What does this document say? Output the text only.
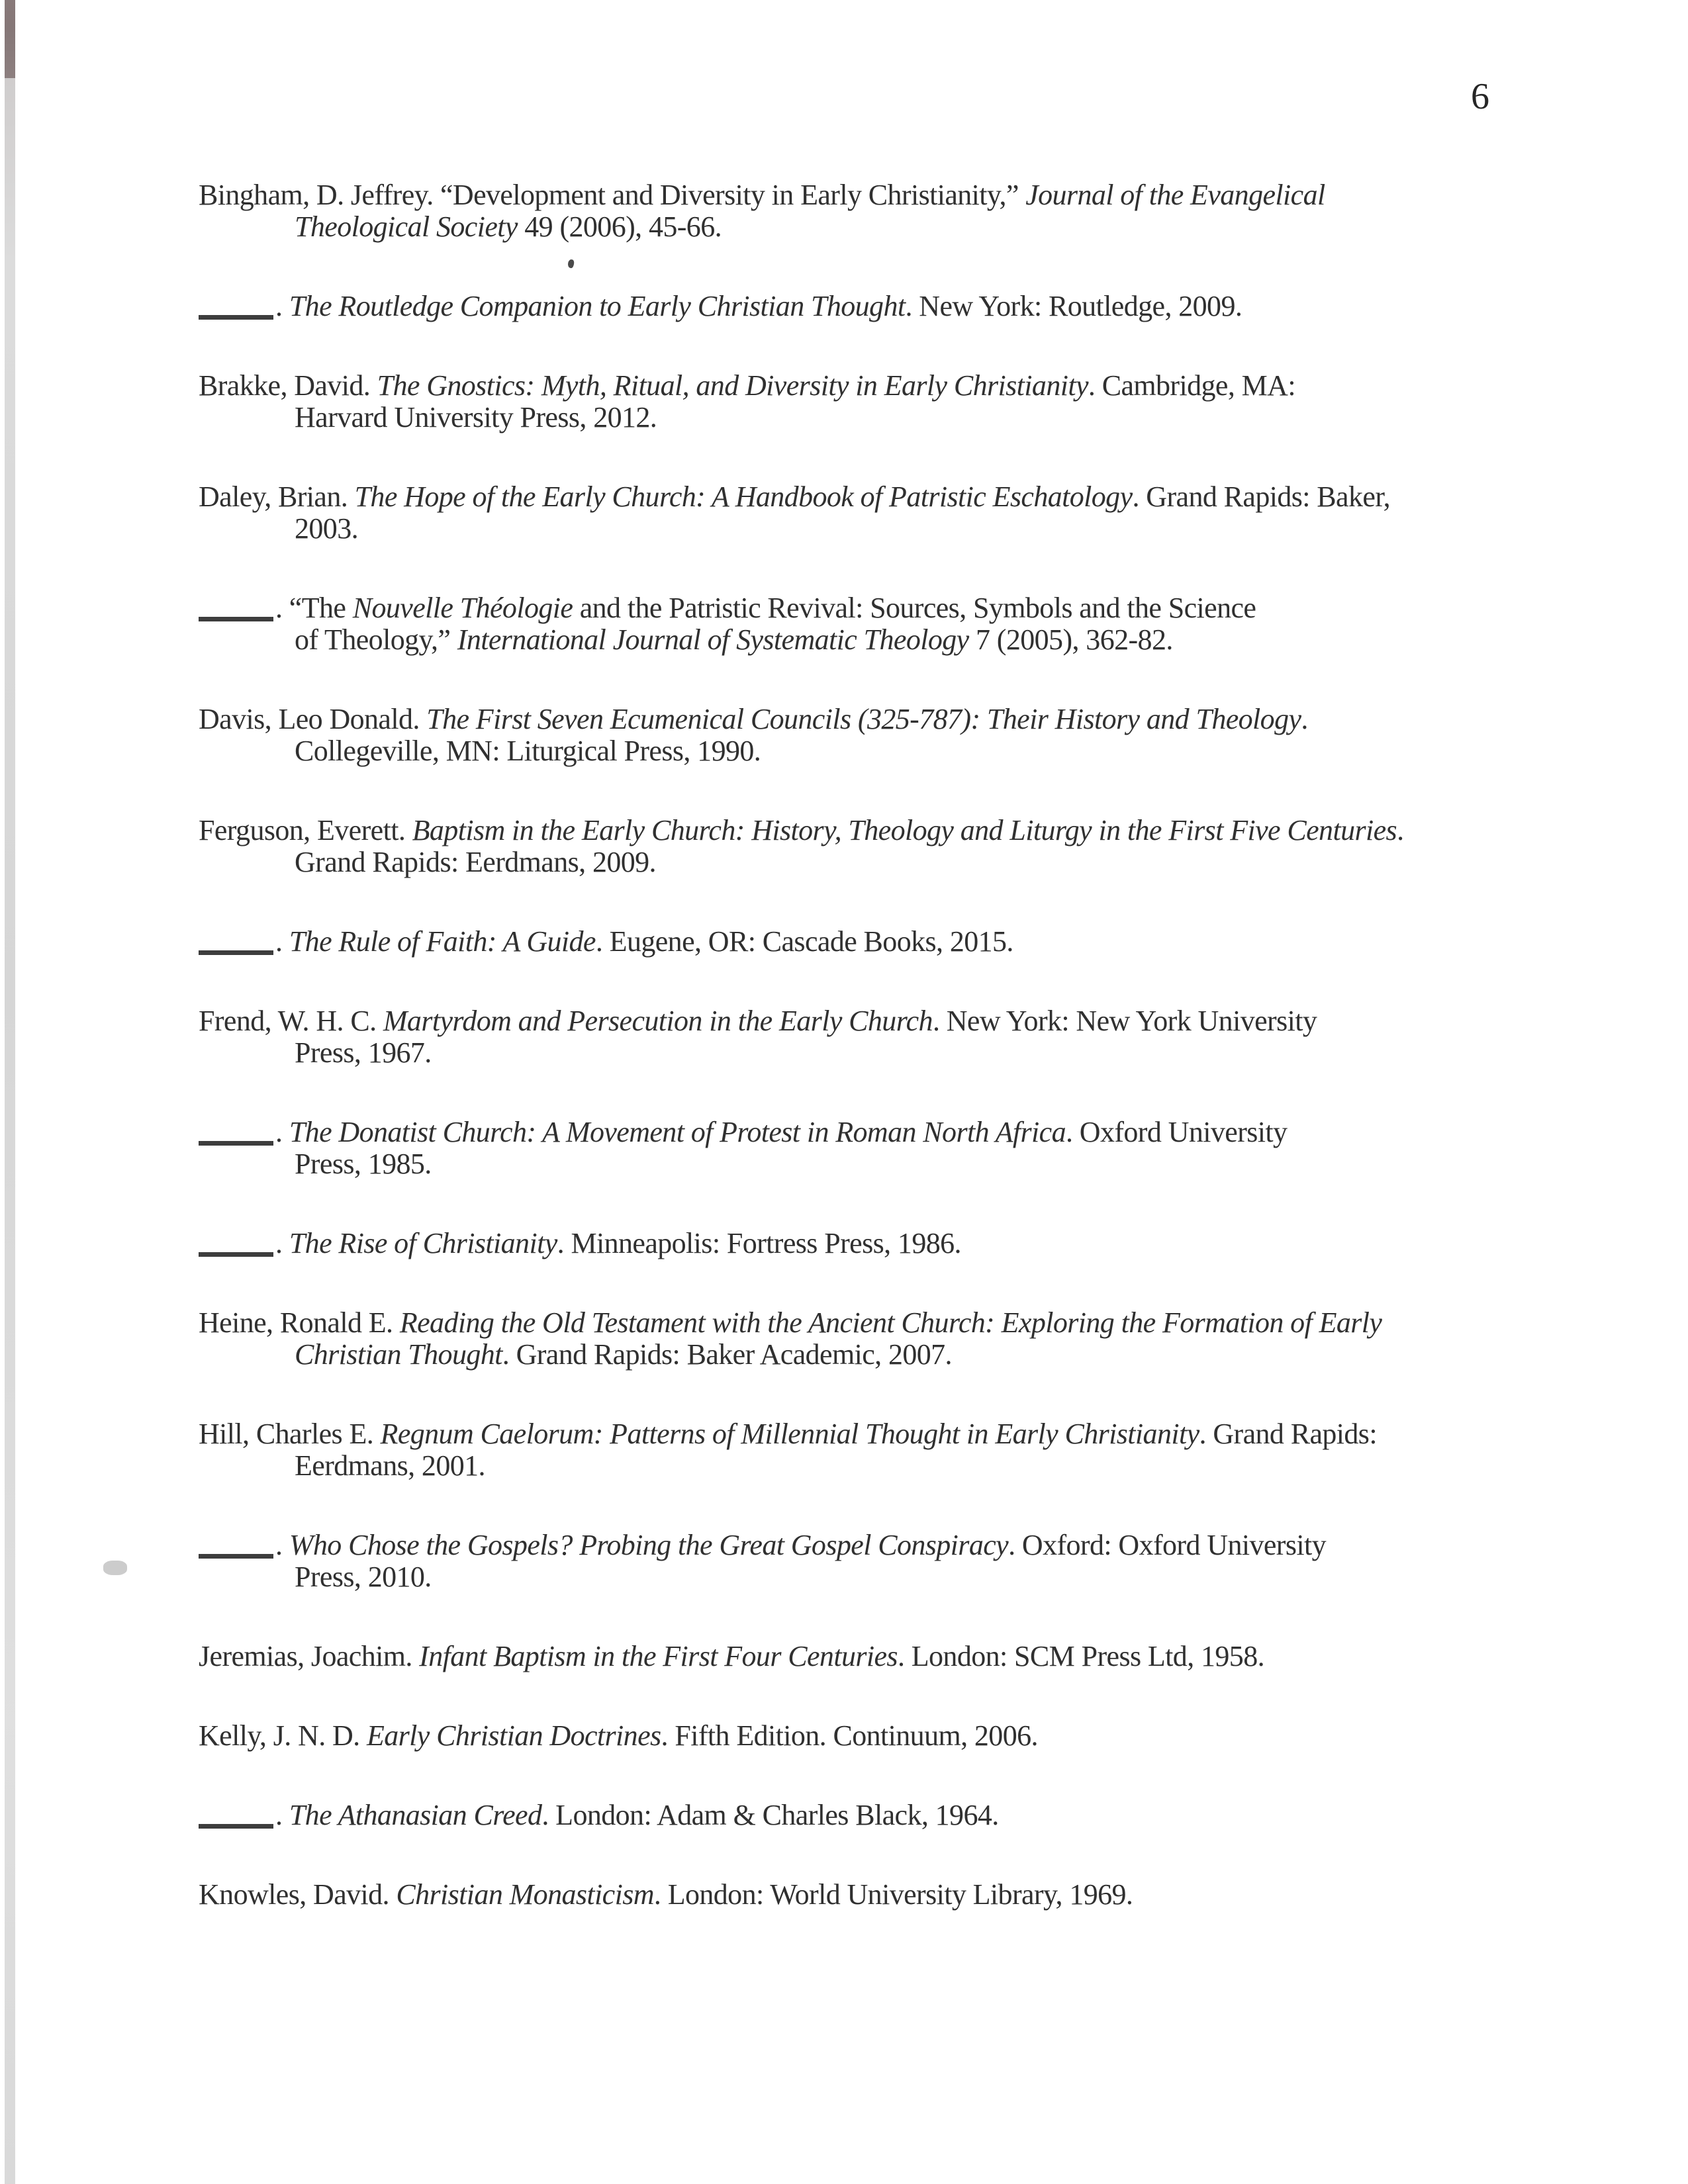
6
Bingham, D. Jeffrey. “Development and Diversity in Early Christianity,” Journal of the Evangelical
Theological Society 49 (2006), 45-66.
. The Routledge Companion to Early Christian Thought. New York: Routledge, 2009.
Brakke, David. The Gnostics: Myth, Ritual, and Diversity in Early Christianity. Cambridge, MA:
Harvard University Press, 2012.
Daley, Brian. The Hope of the Early Church: A Handbook of Patristic Eschatology. Grand Rapids: Baker,
2003.
. “The Nouvelle Théologie and the Patristic Revival: Sources, Symbols and the Science
of Theology,” International Journal of Systematic Theology 7 (2005), 362-82.
Davis, Leo Donald. The First Seven Ecumenical Councils (325-787): Their History and Theology.
Collegeville, MN: Liturgical Press, 1990.
Ferguson, Everett. Baptism in the Early Church: History, Theology and Liturgy in the First Five Centuries.
Grand Rapids: Eerdmans, 2009.
. The Rule of Faith: A Guide. Eugene, OR: Cascade Books, 2015.
Frend, W. H. C. Martyrdom and Persecution in the Early Church. New York: New York University
Press, 1967.
. The Donatist Church: A Movement of Protest in Roman North Africa. Oxford University
Press, 1985.
. The Rise of Christianity. Minneapolis: Fortress Press, 1986.
Heine, Ronald E. Reading the Old Testament with the Ancient Church: Exploring the Formation of Early
Christian Thought. Grand Rapids: Baker Academic, 2007.
Hill, Charles E. Regnum Caelorum: Patterns of Millennial Thought in Early Christianity. Grand Rapids:
Eerdmans, 2001.
. Who Chose the Gospels? Probing the Great Gospel Conspiracy. Oxford: Oxford University
Press, 2010.
Jeremias, Joachim. Infant Baptism in the First Four Centuries. London: SCM Press Ltd, 1958.
Kelly, J. N. D. Early Christian Doctrines. Fifth Edition. Continuum, 2006.
. The Athanasian Creed. London: Adam & Charles Black, 1964.
Knowles, David. Christian Monasticism. London: World University Library, 1969.
